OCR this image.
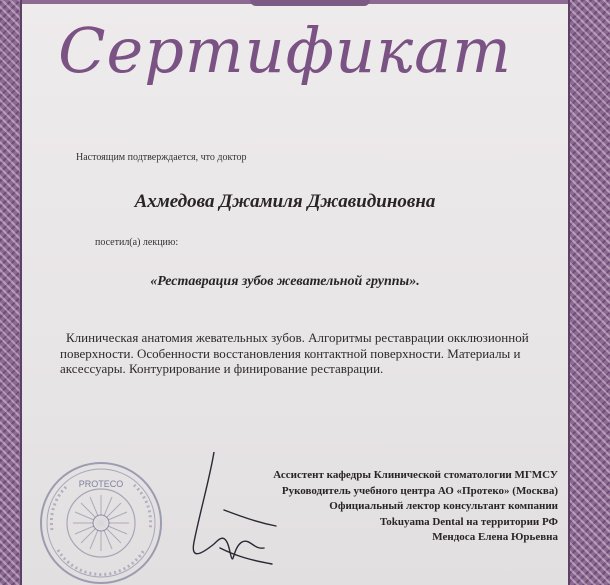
Сертификат
Настоящим подтверждается, что доктор
Ахмедова Джамиля Джавидиновна
посетил(а) лекцию:
«Реставрация зубов жевательной группы».
Клиническая анатомия жевательных зубов. Алгоритмы реставрации окклюзионной поверхности. Особенности восстановления контактной поверхности. Материалы и аксессуары. Контурирование и финирование реставрации.
PROTECO
Ассистент кафедры Клинической стоматологии МГМСУ
Руководитель учебного центра АО «Протеко» (Москва)
Официальный лектор консультант компании
Tokuyama Dental на территории РФ
Мендоса Елена Юрьевна
